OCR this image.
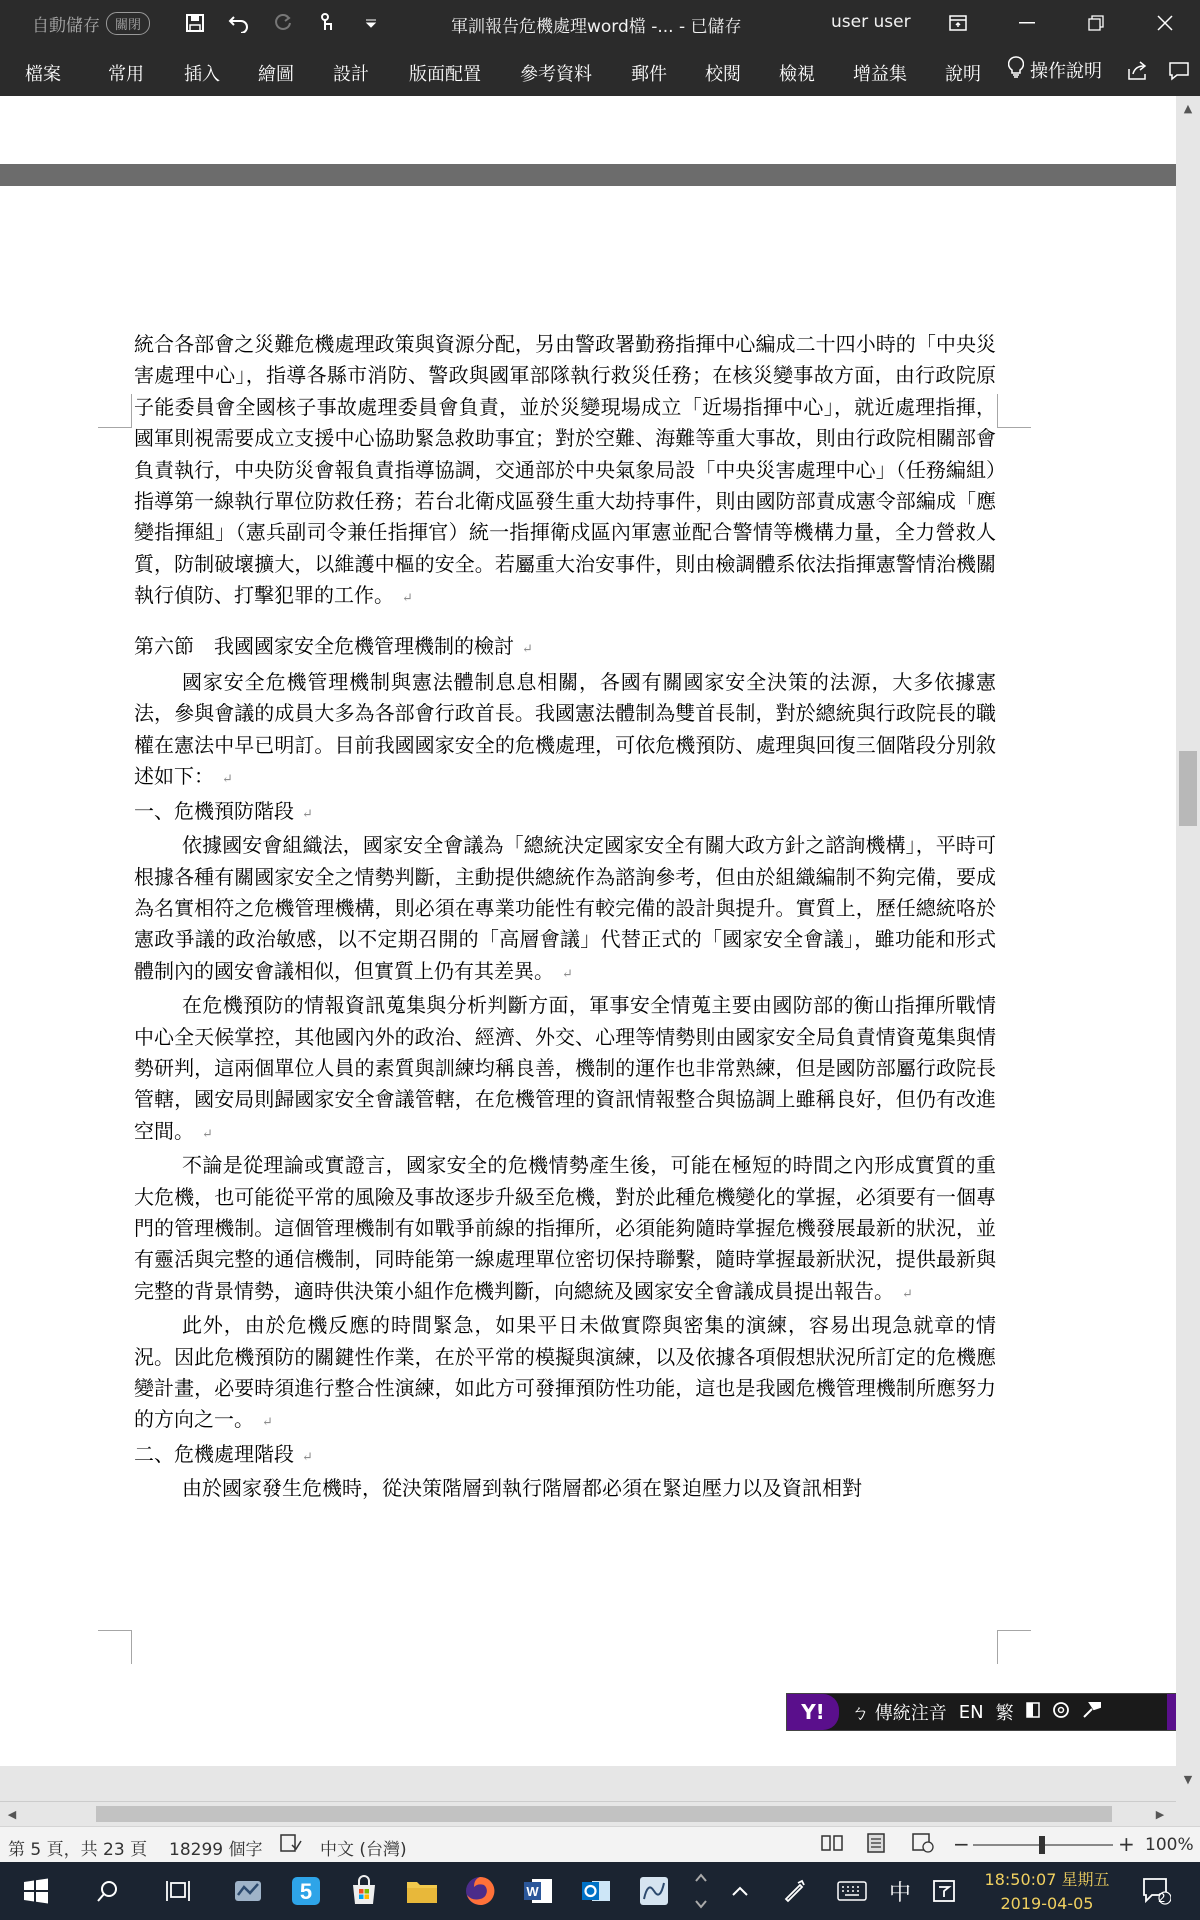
自動儲存	關閉	軍訓報告危機處理word檔 -... - 已儲存	user user
檔案	常用 插入 繪圖 設計 版面配置 參考資料 郵件 校閱 檢視 增益集 說明	操作說明

統合各部會之災難危機處理政策與資源分配，另由警政署勤務指揮中心編成二十四小時的「中央災害處理中心」，指導各縣市消防、警政與國軍部隊執行救災任務；在核災變事故方面，由行政院原子能委員會全國核子事故處理委員會負責，並於災變現場成立「近場指揮中心」，就近處理指揮，國軍則視需要成立支援中心協助緊急救助事宜；對於空難、海難等重大事故，則由行政院相關部會負責執行，中央防災會報負責指導協調，交通部於中央氣象局設「中央災害處理中心」（任務編組）指導第一線執行單位防救任務；若台北衛戍區發生重大劫持事件，則由國防部責成憲令部編成「應變指揮組」（憲兵副司令兼任指揮官）統一指揮衛戍區內軍憲並配合警情等機構力量，全力營救人質，防制破壞擴大，以維護中樞的安全。若屬重大治安事件，則由檢調體系依法指揮憲警情治機關執行偵防、打擊犯罪的工作。 ↵

第六節　我國國家安全危機管理機制的檢討 ↵

國家安全危機管理機制與憲法體制息息相關，各國有關國家安全決策的法源，大多依據憲法，參與會議的成員大多為各部會行政首長。我國憲法體制為雙首長制，對於總統與行政院長的職權在憲法中早已明訂。目前我國國家安全的危機處理，可依危機預防、處理與回復三個階段分別敘述如下： ↵

一、危機預防階段 ↵

依據國安會組織法，國家安全會議為「總統決定國家安全有關大政方針之諮詢機構」，平時可根據各種有關國家安全之情勢判斷，主動提供總統作為諮詢參考，但由於組織編制不夠完備，要成為名實相符之危機管理機構，則必須在專業功能性有較完備的設計與提升。實質上，歷任總統咯於憲政爭議的政治敏感，以不定期召開的「高層會議」代替正式的「國家安全會議」，雖功能和形式體制內的國安會議相似，但實質上仍有其差異。 ↵

在危機預防的情報資訊蒐集與分析判斷方面，軍事安全情蒐主要由國防部的衡山指揮所戰情中心全天候掌控，其他國內外的政治、經濟、外交、心理等情勢則由國家安全局負責情資蒐集與情勢研判，這兩個單位人員的素質與訓練均稱良善，機制的運作也非常熟練，但是國防部屬行政院長管轄，國安局則歸國家安全會議管轄，在危機管理的資訊情報整合與協調上雖稱良好，但仍有改進空間。 ↵

不論是從理論或實證言，國家安全的危機情勢產生後，可能在極短的時間之內形成實質的重大危機，也可能從平常的風險及事故逐步升級至危機，對於此種危機變化的掌握，必須要有一個專門的管理機制。這個管理機制有如戰爭前線的指揮所，必須能夠隨時掌握危機發展最新的狀況，並有靈活與完整的通信機制，同時能第一線處理單位密切保持聯繫，隨時掌握最新狀況，提供最新與完整的背景情勢，適時供決策小組作危機判斷，向總統及國家安全會議成員提出報告。 ↵

此外，由於危機反應的時間緊急，如果平日未做實際與密集的演練，容易出現急就章的情況。因此危機預防的關鍵性作業，在於平常的模擬與演練，以及依據各項假想狀況所訂定的危機應變計畫，必要時須進行整合性演練，如此方可發揮預防性功能，這也是我國危機管理機制所應努力的方向之一。 ↵

二、危機處理階段 ↵

由於國家發生危機時，從決策階層到執行階層都必須在緊迫壓力以及資訊相對

Y!	ㄅ 傳統注音 EN 繁
▲
▼
◀	▶
第 5 頁，共 23 頁 18299 個字	中文 (台灣)	−	+ 100%
5	W	中
18:50:07 星期五
2019-04-05	2
